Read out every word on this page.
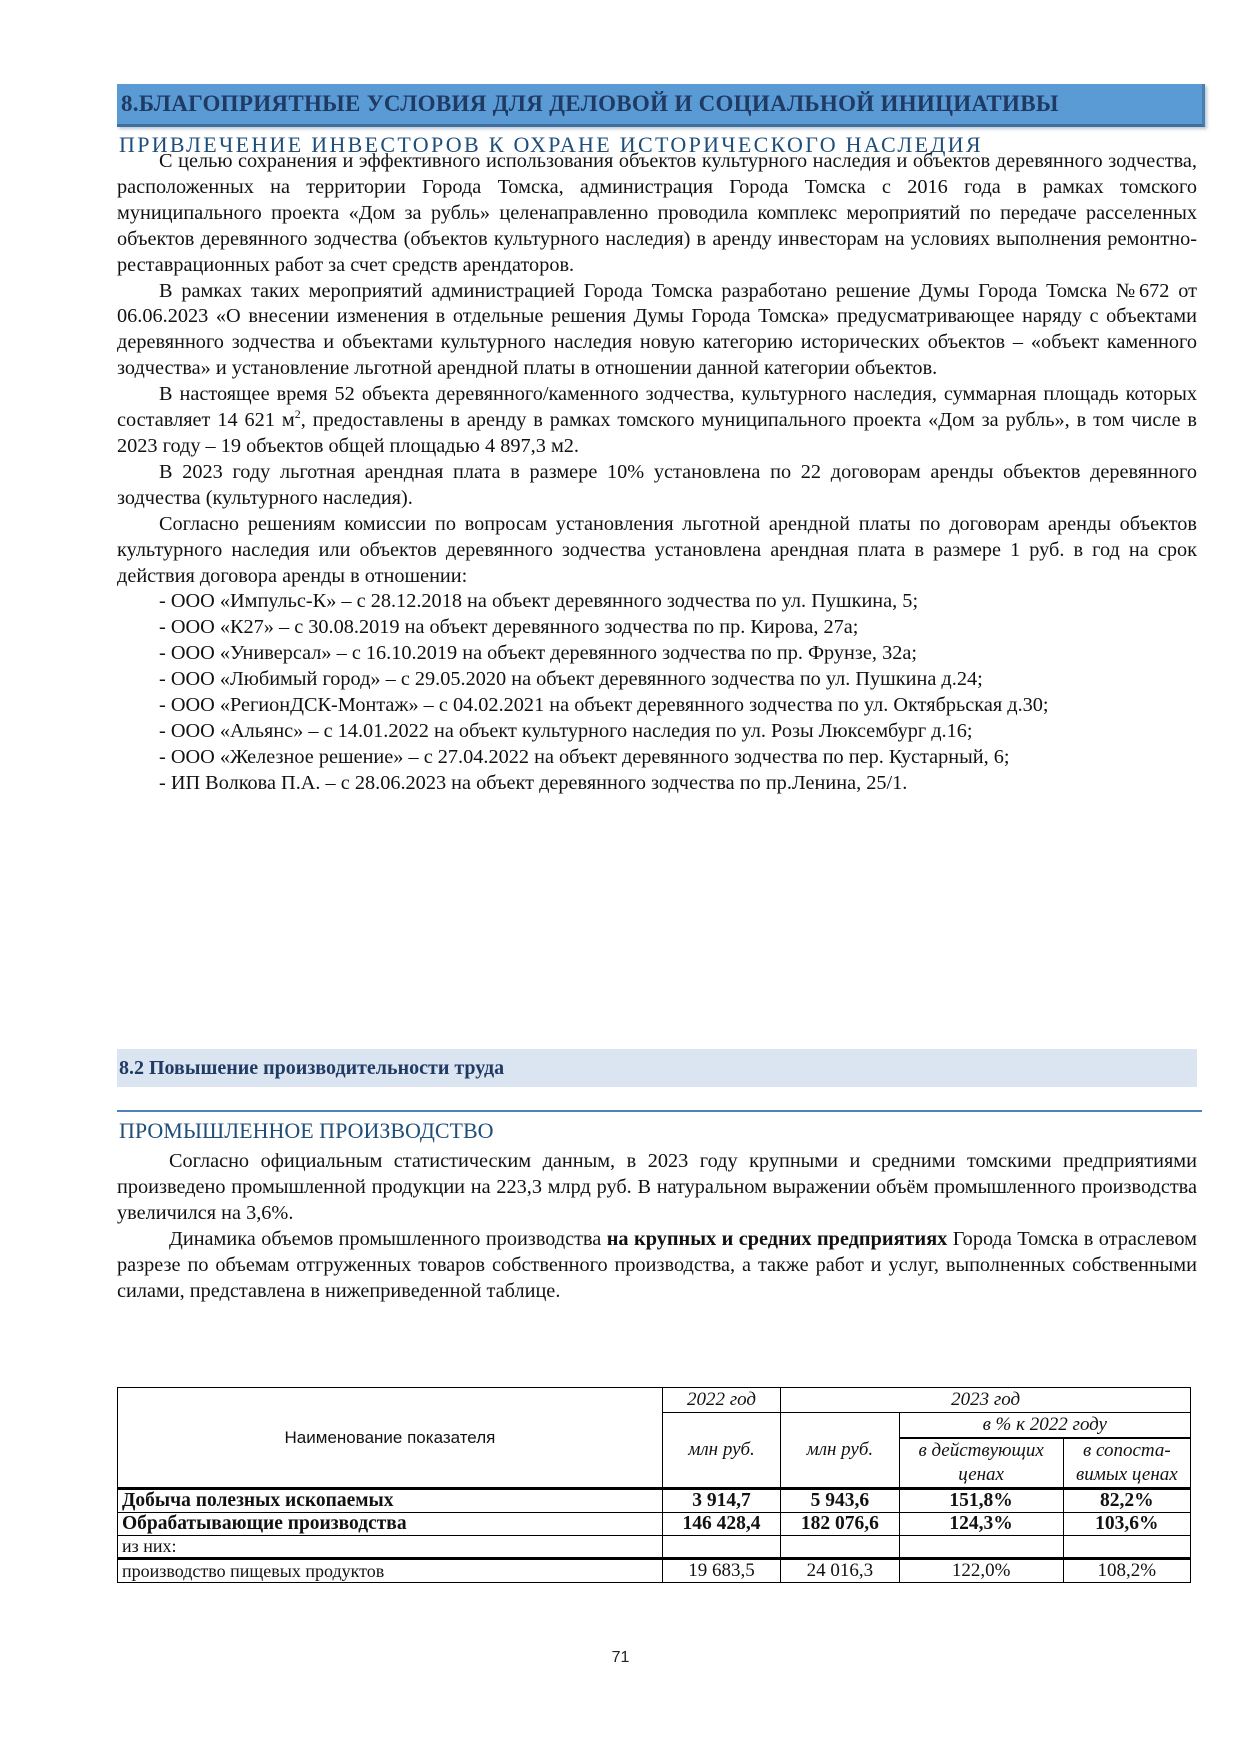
8.БЛАГОПРИЯТНЫЕ УСЛОВИЯ ДЛЯ ДЕЛОВОЙ И СОЦИАЛЬНОЙ ИНИЦИАТИВЫ
ПРИВЛЕЧЕНИЕ ИНВЕСТОРОВ К ОХРАНЕ ИСТОРИЧЕСКОГО НАСЛЕДИЯ

С целью сохранения и эффективного использования объектов культурного наследия и объектов деревянного зодчества, расположенных на территории Города Томска, администрация Города Томска с 2016 года в рамках томского муниципального проекта «Дом за рубль» целенаправленно проводила комплекс мероприятий по передаче расселенных объектов деревянного зодчества (объектов культурного наследия) в аренду инвесторам на условиях выполнения ремонтно-реставрационных работ за счет средств арендаторов.

В рамках таких мероприятий администрацией Города Томска разработано решение Думы Города Томска №672 от 06.06.2023 «О внесении изменения в отдельные решения Думы Города Томска» предусматривающее наряду с объектами деревянного зодчества и объектами культурного наследия новую категорию исторических объектов – «объект каменного зодчества» и установление льготной арендной платы в отношении данной категории объектов.

В настоящее время 52 объекта деревянного/каменного зодчества, культурного наследия, суммарная площадь которых составляет 14 621 $м^2$, предоставлены в аренду в рамках томского муниципального проекта «Дом за рубль», в том числе в 2023 году – 19 объектов общей площадью 4 897,3 м2.

В 2023 году льготная арендная плата в размере 10% установлена по 22 договорам аренды объектов деревянного зодчества (культурного наследия).

Согласно решениям комиссии по вопросам установления льготной арендной платы по договорам аренды объектов культурного наследия или объектов деревянного зодчества установлена арендная плата в размере 1 руб. в год на срок действия договора аренды в отношении:

- ООО «Импульс-К» – с 28.12.2018 на объект деревянного зодчества по ул. Пушкина, 5;

- ООО «К27» – с 30.08.2019 на объект деревянного зодчества по пр. Кирова, 27а;

- ООО «Универсал» – с 16.10.2019 на объект деревянного зодчества по пр. Фрунзе, 32а;

- ООО «Любимый город» – с 29.05.2020 на объект деревянного зодчества по ул. Пушкина д.24;

- ООО «РегионДСК-Монтаж» – с 04.02.2021 на объект деревянного зодчества по ул. Октябрьская д.30;

- ООО «Альянс» – с 14.01.2022 на объект культурного наследия по ул. Розы Люксембург д.16;

- ООО «Железное решение» – с 27.04.2022 на объект деревянного зодчества по пер. Кустарный, 6;

- ИП Волкова П.А. – с 28.06.2023 на объект деревянного зодчества по пр.Ленина, 25/1.

8.2 Повышение производительности труда
ПРОМЫШЛЕННОЕ ПРОИЗВОДСТВО

Согласно официальным статистическим данным, в 2023 году крупными и средними томскими предприятиями произведено промышленной продукции на 223,3 млрд руб. В натуральном выражении объём промышленного производства увеличился на 3,6%.

Динамика объемов промышленного производства на крупных и средних предприятиях Города Томска в отраслевом разрезе по объемам отгруженных товаров собственного производства, а также работ и услуг, выполненных собственными силами, представлена в нижеприведенной таблице.

Наименование показателя	2022 год	2023 год		
	млн руб.	млн руб.	в % к 2022 году	
			в действующих ценах	в сопоста-вимых ценах

Добыча полезных ископаемых	3 914,7	5 943,6	151,8%	82,2%
Обрабатывающие производства	146 428,4	182 076,6	124,3%	103,6%
из них:				
производство пищевых продуктов	19 683,5	24 016,3	122,0%	108,2%
71
